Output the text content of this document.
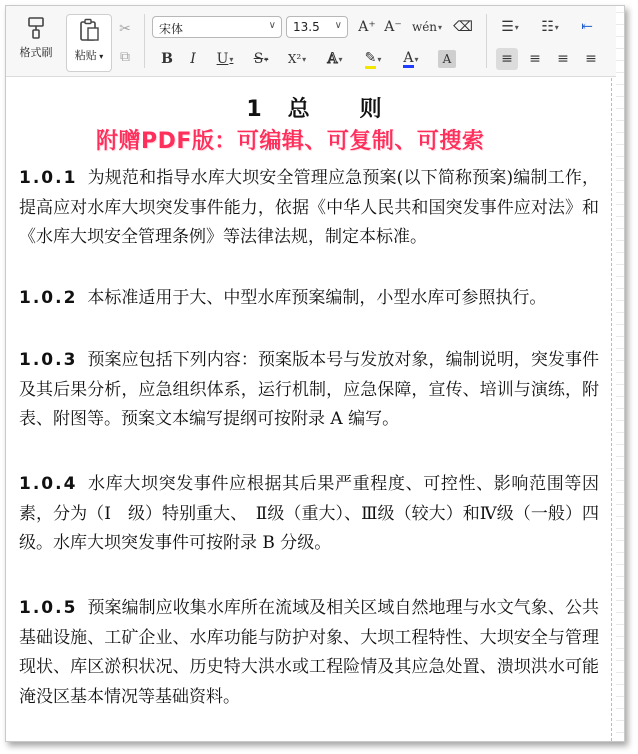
格式刷 粘贴 ▾
✂
⧉
宋体	∨	13.5 ∨ A⁺ A⁻ wén ▾ ⌫
B I U ▾ S ▾ X² ▾ A ▾ ✎ ▾ A ▾ A
☰ ▾ ☷ ▾ ⇤
≡ ≡ ≡ ≡
1　总　　则
附赠PDF版：可编辑、可复制、可搜索
1.0.1 为规范和指导水库大坝安全管理应急预案(以下简称预案)编制工作，提高应对水库大坝突发事件能力，依据《中华人民共和国突发事件应对法》和《水库大坝安全管理条例》等法律法规，制定本标准。
1.0.2 本标准适用于大、中型水库预案编制，小型水库可参照执行。
1.0.3 预案应包括下列内容：预案版本号与发放对象，编制说明，突发事件及其后果分析，应急组织体系，运行机制，应急保障，宣传、培训与演练，附表、附图等。预案文本编写提纲可按附录 A 编写。
1.0.4 水库大坝突发事件应根据其后果严重程度、可控性、影响范围等因素，分为（I　级）特别重大、　Ⅱ级（重大）、Ⅲ级（较大）和Ⅳ级（一般）四级。水库大坝突发事件可按附录 B 分级。
1.0.5 预案编制应收集水库所在流域及相关区域自然地理与水文气象、公共基础设施、工矿企业、水库功能与防护对象、大坝工程特性、大坝安全与管理现状、库区淤积状况、历史特大洪水或工程险情及其应急处置、溃坝洪水可能淹没区基本情况等基础资料。
